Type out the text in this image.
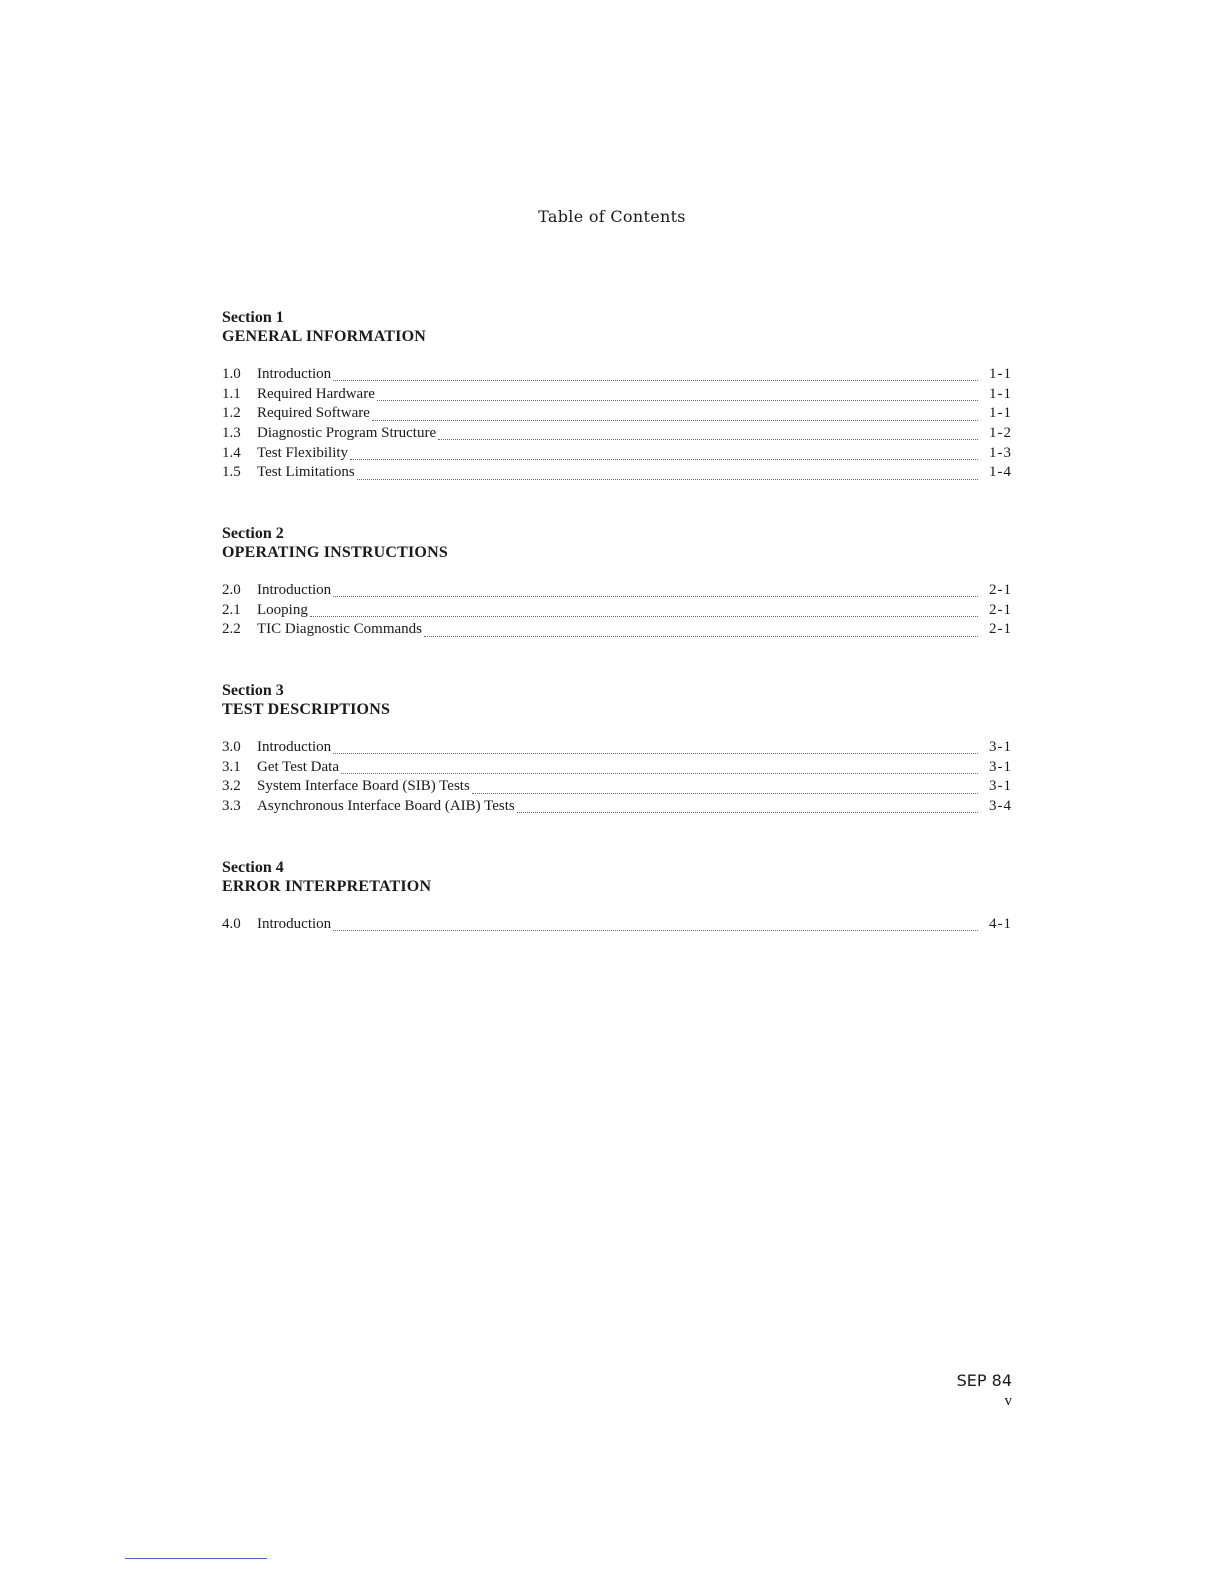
Table of Contents
Section 1
GENERAL INFORMATION
1.0	Introduction	1-1
1.1	Required Hardware	1-1
1.2	Required Software	1-1
1.3	Diagnostic Program Structure	1-2
1.4	Test Flexibility	1-3
1.5	Test Limitations	1-4
Section 2
OPERATING INSTRUCTIONS
2.0	Introduction	2-1
2.1	Looping	2-1
2.2	TIC Diagnostic Commands	2-1
Section 3
TEST DESCRIPTIONS
3.0	Introduction	3-1
3.1	Get Test Data	3-1
3.2	System Interface Board (SIB) Tests	3-1
3.3	Asynchronous Interface Board (AIB) Tests	3-4
Section 4
ERROR INTERPRETATION
4.0	Introduction	4-1
SEP 84
v
